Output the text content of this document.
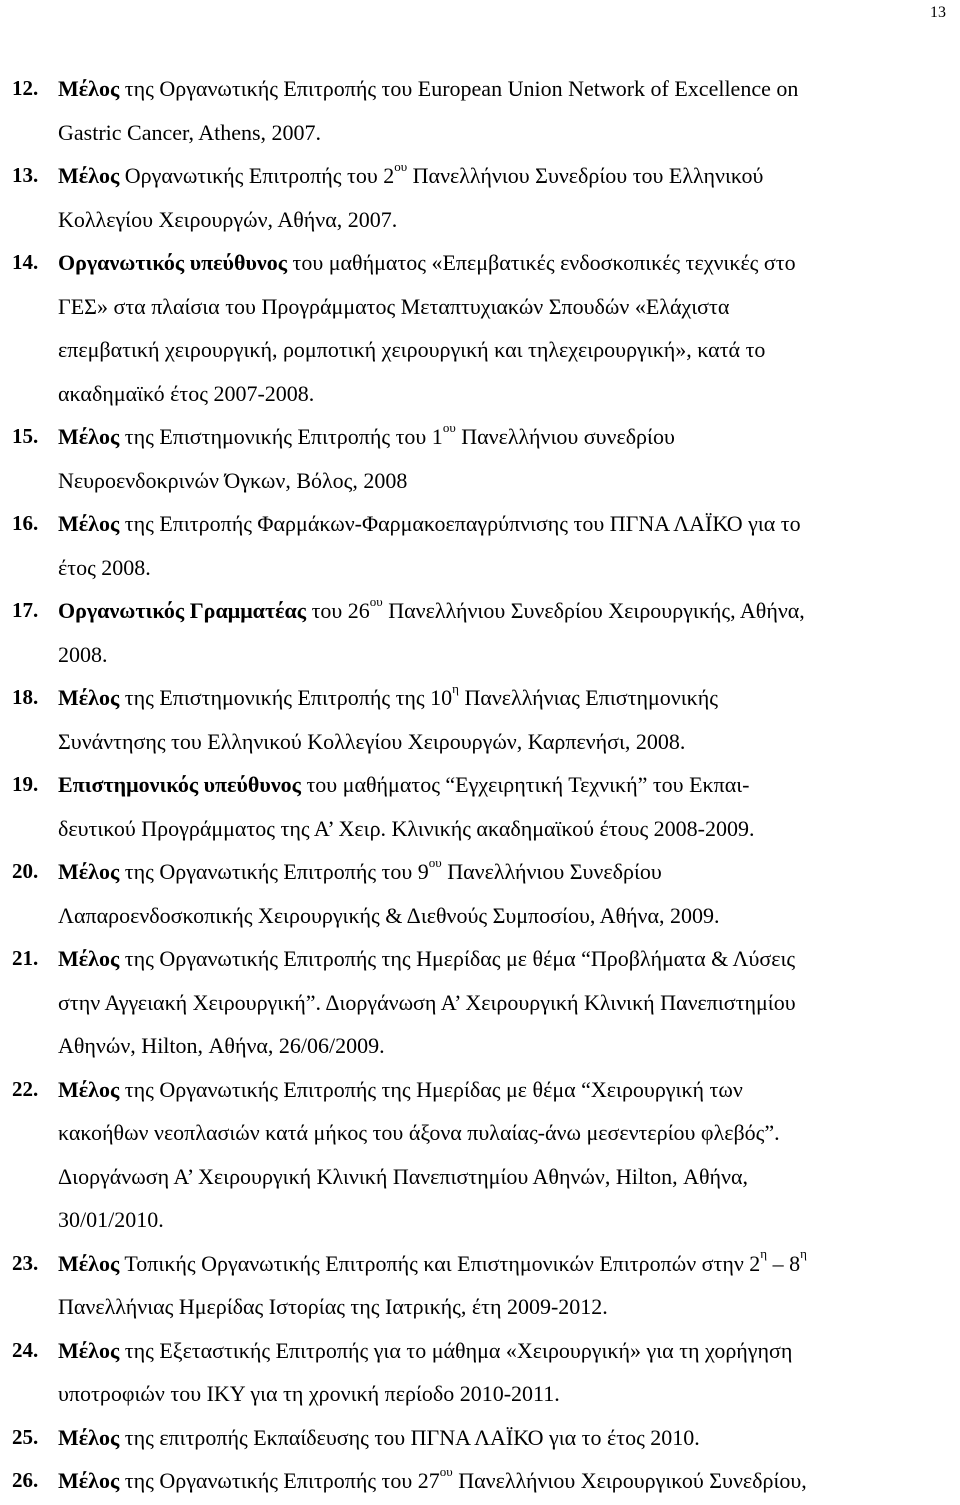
13
12. Μέλος της Οργανωτικής Επιτροπής του European Union Network of Excellence on
Gastric Cancer, Athens, 2007.
13. Μέλος Οργανωτικής Επιτροπής του $2^{o\upsilon}$ Πανελλήνιου Συνεδρίου του Ελληνικού
Κολλεγίου Χειρουργών, Αθήνα, 2007.
14. Οργανωτικός υπεύθυνος του μαθήματος «Επεμβατικές ενδοσκοπικές τεχνικές στο
ΓΕΣ» στα πλαίσια του Προγράμματος Μεταπτυχιακών Σπουδών «Ελάχιστα
επεμβατική χειρουργική, ρομποτική χειρουργική και τηλεχειρουργική», κατά το
ακαδημαϊκό έτος 2007-2008.
15. Μέλος της Επιστημονικής Επιτροπής του $1^{o\upsilon}$ Πανελλήνιου συνεδρίου
Νευροενδοκρινών Όγκων, Βόλος, 2008
16. Μέλος της Επιτροπής Φαρμάκων-Φαρμακοεπαγρύπνισης του ΠΓΝΑ ΛΑΪΚΟ για το
έτος 2008.
17. Οργανωτικός Γραμματέας του $26^{o\upsilon}$ Πανελλήνιου Συνεδρίου Χειρουργικής, Αθήνα,
2008.
18. Μέλος της Επιστημονικής Επιτροπής της $10^\eta$ Πανελλήνιας Επιστημονικής
Συνάντησης του Ελληνικού Κολλεγίου Χειρουργών, Καρπενήσι, 2008.
19. Επιστημονικός υπεύθυνος του μαθήματος “Εγχειρητική Τεχνική” του Εκπαι-
δευτικού Προγράμματος της Α’ Χειρ. Κλινικής ακαδημαϊκού έτους 2008-2009.
20. Μέλος της Οργανωτικής Επιτροπής του $9^{o\upsilon}$ Πανελλήνιου Συνεδρίου
Λαπαροενδοσκοπικής Χειρουργικής & Διεθνούς Συμποσίου, Αθήνα, 2009.
21. Μέλος της Οργανωτικής Επιτροπής της Ημερίδας με θέμα “Προβλήματα & Λύσεις
στην Αγγειακή Χειρουργική”. Διοργάνωση Α’ Χειρουργική Κλινική Πανεπιστημίου
Αθηνών, Hilton, Αθήνα, 26/06/2009.
22. Μέλος της Οργανωτικής Επιτροπής της Ημερίδας με θέμα “Χειρουργική των
κακοήθων νεοπλασιών κατά μήκος του άξονα πυλαίας-άνω μεσεντερίου φλεβός”.
Διοργάνωση Α’ Χειρουργική Κλινική Πανεπιστημίου Αθηνών, Hilton, Αθήνα,
30/01/2010.
23. Μέλος Τοπικής Οργανωτικής Επιτροπής και Επιστημονικών Επιτροπών στην $2^\eta - 8^\eta$
Πανελλήνιας Ημερίδας Ιστορίας της Ιατρικής, έτη 2009-2012.
24. Μέλος της Εξεταστικής Επιτροπής για το μάθημα «Χειρουργική» για τη χορήγηση
υποτροφιών του ΙΚΥ για τη χρονική περίοδο 2010-2011.
25. Μέλος της επιτροπής Εκπαίδευσης του ΠΓΝΑ ΛΑΪΚΟ για το έτος 2010.
26. Μέλος της Οργανωτικής Επιτροπής του $27^{o\upsilon}$ Πανελλήνιου Χειρουργικού Συνεδρίου,
